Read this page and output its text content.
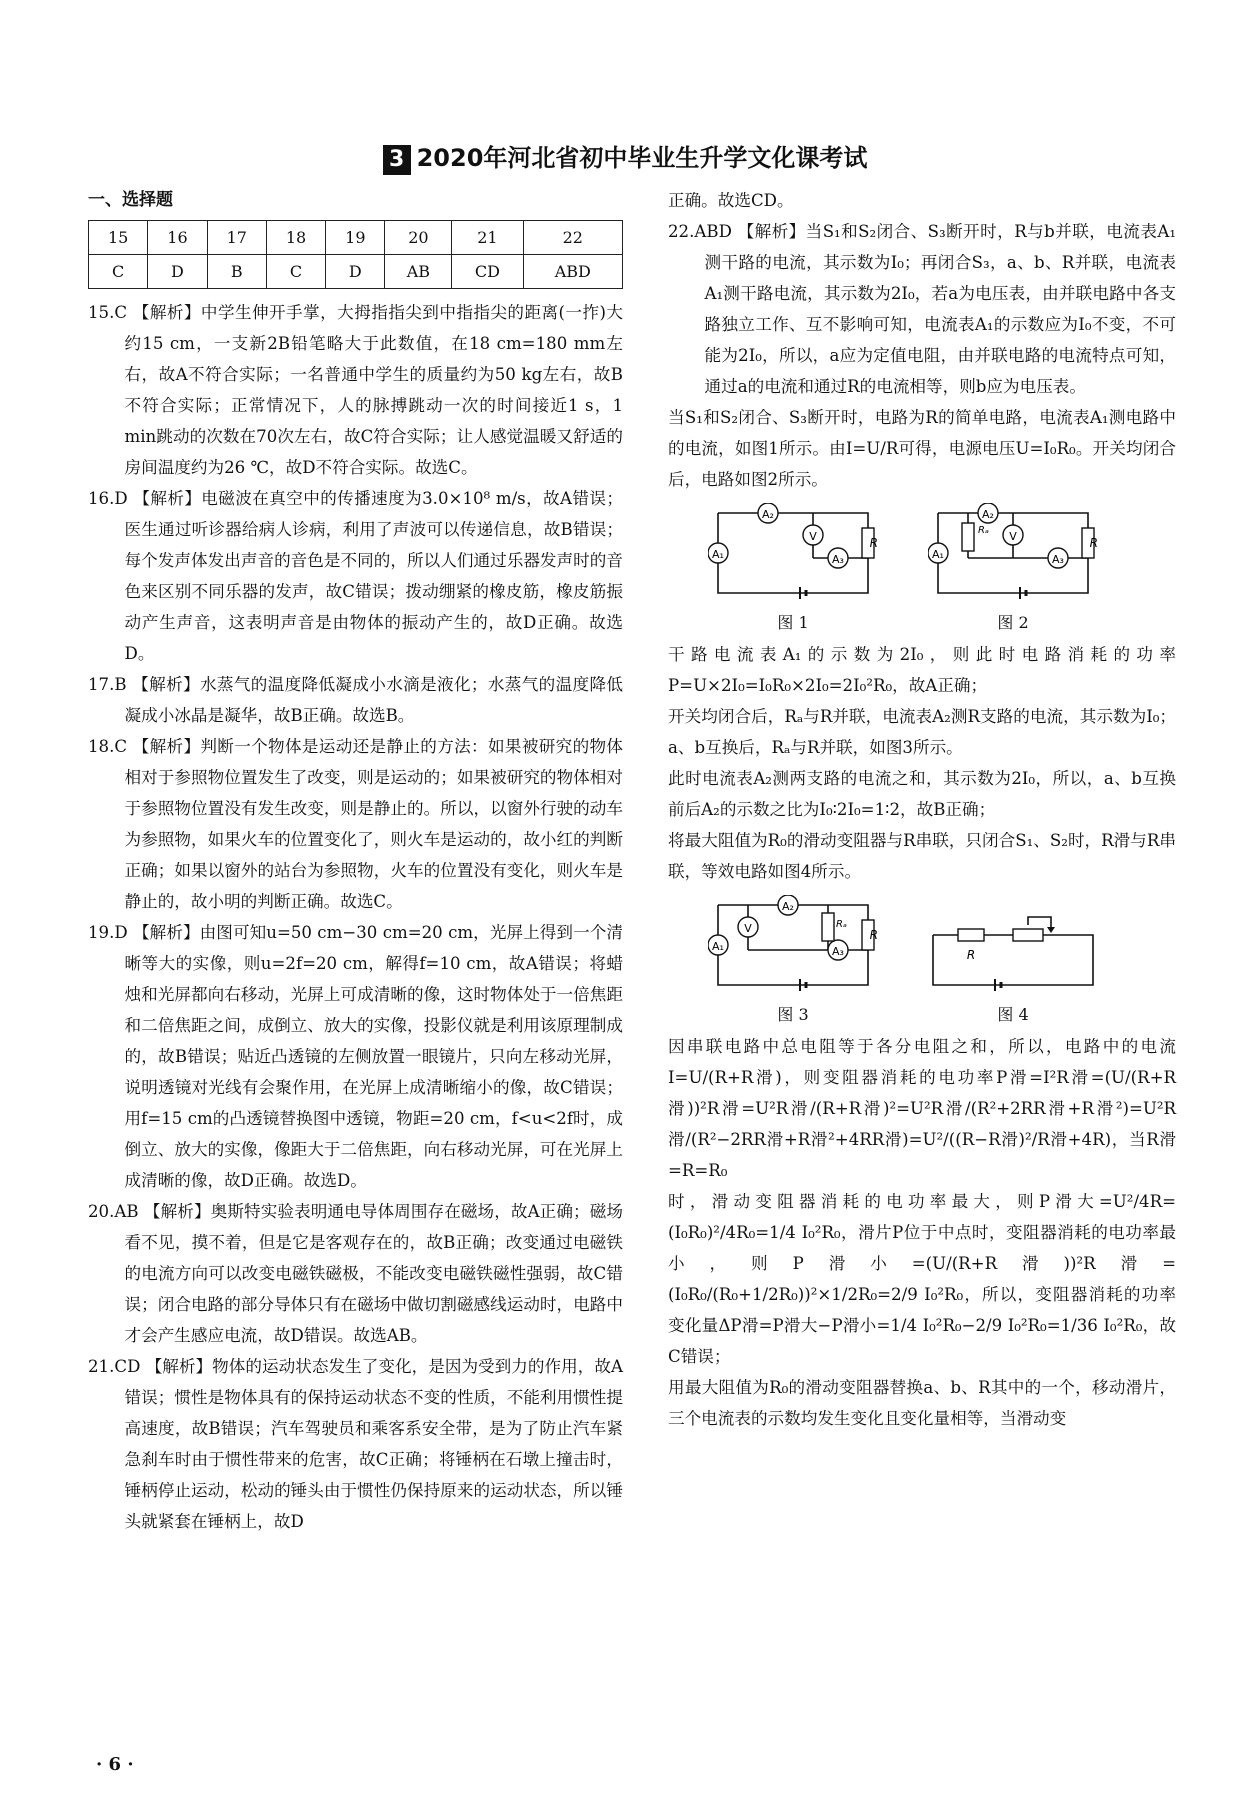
3 2020年河北省初中毕业生升学文化课考试
一、选择题
15	16	17	18	19	20	21	22
C	D	B	C	D	AB	CD	ABD

15.C 【解析】中学生伸开手掌，大拇指指尖到中指指尖的距离(一拃)大约15 cm，一支新2B铅笔略大于此数值，在18 cm=180 mm左右，故A不符合实际；一名普通中学生的质量约为50 kg左右，故B不符合实际；正常情况下，人的脉搏跳动一次的时间接近1 s，1 min跳动的次数在70次左右，故C符合实际；让人感觉温暖又舒适的房间温度约为26 ℃，故D不符合实际。故选C。

16.D 【解析】电磁波在真空中的传播速度为3.0×10⁸ m/s，故A错误；医生通过听诊器给病人诊病，利用了声波可以传递信息，故B错误；每个发声体发出声音的音色是不同的，所以人们通过乐器发声时的音色来区别不同乐器的发声，故C错误；拨动绷紧的橡皮筋，橡皮筋振动产生声音，这表明声音是由物体的振动产生的，故D正确。故选D。

17.B 【解析】水蒸气的温度降低凝成小水滴是液化；水蒸气的温度降低凝成小冰晶是凝华，故B正确。故选B。

18.C 【解析】判断一个物体是运动还是静止的方法：如果被研究的物体相对于参照物位置发生了改变，则是运动的；如果被研究的物体相对于参照物位置没有发生改变，则是静止的。所以，以窗外行驶的动车为参照物，如果火车的位置变化了，则火车是运动的，故小红的判断正确；如果以窗外的站台为参照物，火车的位置没有变化，则火车是静止的，故小明的判断正确。故选C。

19.D 【解析】由图可知u=50 cm−30 cm=20 cm，光屏上得到一个清晰等大的实像，则u=2f=20 cm，解得f=10 cm，故A错误；将蜡烛和光屏都向右移动，光屏上可成清晰的像，这时物体处于一倍焦距和二倍焦距之间，成倒立、放大的实像，投影仪就是利用该原理制成的，故B错误；贴近凸透镜的左侧放置一眼镜片，只向左移动光屏，说明透镜对光线有会聚作用，在光屏上成清晰缩小的像，故C错误；用f=15 cm的凸透镜替换图中透镜，物距=20 cm，f<u<2f时，成倒立、放大的实像，像距大于二倍焦距，向右移动光屏，可在光屏上成清晰的像，故D正确。故选D。

20.AB 【解析】奥斯特实验表明通电导体周围存在磁场，故A正确；磁场看不见，摸不着，但是它是客观存在的，故B正确；改变通过电磁铁的电流方向可以改变电磁铁磁极，不能改变电磁铁磁性强弱，故C错误；闭合电路的部分导体只有在磁场中做切割磁感线运动时，电路中才会产生感应电流，故D错误。故选AB。

21.CD 【解析】物体的运动状态发生了变化，是因为受到力的作用，故A错误；惯性是物体具有的保持运动状态不变的性质，不能利用惯性提高速度，故B错误；汽车驾驶员和乘客系安全带，是为了防止汽车紧急刹车时由于惯性带来的危害，故C正确；将锤柄在石墩上撞击时，锤柄停止运动，松动的锤头由于惯性仍保持原来的运动状态，所以锤头就紧套在锤柄上，故D

正确。故选CD。

22.ABD 【解析】当S₁和S₂闭合、S₃断开时，R与b并联，电流表A₁测干路的电流，其示数为I₀；再闭合S₃，a、b、R并联，电流表A₁测干路电流，其示数为2I₀，若a为电压表，由并联电路中各支路独立工作、互不影响可知，电流表A₁的示数应为I₀不变，不可能为2I₀，所以，a应为定值电阻，由并联电路的电流特点可知，通过a的电流和通过R的电流相等，则b应为电压表。

当S₁和S₂闭合、S₃断开时，电路为R的简单电路，电流表A₁测电路中的电流，如图1所示。由I=U/R可得，电源电压U=I₀R₀。开关均闭合后，电路如图2所示。

A₁
A₂
V
A₃
R
图 1
A₁
A₂
V
A₃
Rₐ
R
图 2

干路电流表A₁的示数为2I₀，则此时电路消耗的功率P=U×2I₀=I₀R₀×2I₀=2I₀²R₀，故A正确；

开关均闭合后，Rₐ与R并联，电流表A₂测R支路的电流，其示数为I₀；a、b互换后，Rₐ与R并联，如图3所示。

此时电流表A₂测两支路的电流之和，其示数为2I₀，所以，a、b互换前后A₂的示数之比为I₀∶2I₀=1∶2，故B正确；

将最大阻值为R₀的滑动变阻器与R串联，只闭合S₁、S₂时，R滑与R串联，等效电路如图4所示。

A₁
A₂
V
A₃
Rₐ
R
图 3
R
图 4

因串联电路中总电阻等于各分电阻之和，所以，电路中的电流I=U/(R+R滑)，则变阻器消耗的电功率P滑=I²R滑=(U/(R+R滑))²R滑=U²R滑/(R+R滑)²=U²R滑/(R²+2RR滑+R滑²)=U²R滑/(R²−2RR滑+R滑²+4RR滑)=U²/((R−R滑)²/R滑+4R)，当R滑=R=R₀

时，滑动变阻器消耗的电功率最大，则P滑大=U²/4R=(I₀R₀)²/4R₀=1/4 I₀²R₀，滑片P位于中点时，变阻器消耗的电功率最小，则P滑小=(U/(R+R滑))²R滑=(I₀R₀/(R₀+1/2R₀))²×1/2R₀=2/9 I₀²R₀，所以，变阻器消耗的功率变化量ΔP滑=P滑大−P滑小=1/4 I₀²R₀−2/9 I₀²R₀=1/36 I₀²R₀，故C错误；

用最大阻值为R₀的滑动变阻器替换a、b、R其中的一个，移动滑片，三个电流表的示数均发生变化且变化量相等，当滑动变

· 6 ·
